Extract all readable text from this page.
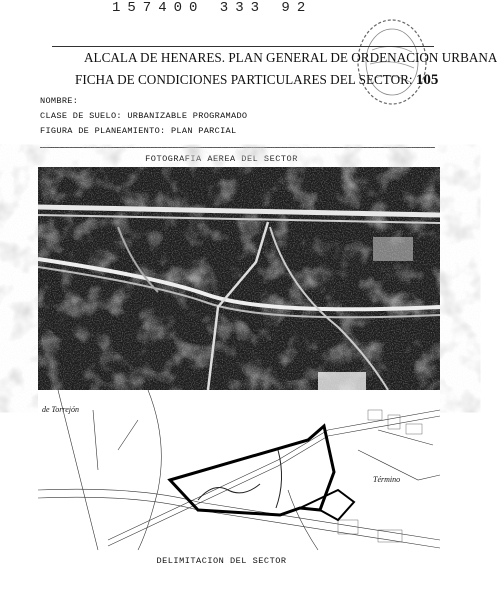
157400 333 92
ALCALA DE HENARES. PLAN GENERAL DE ORDENACION URBANA
FICHA DE CONDICIONES PARTICULARES DEL SECTOR: 105
NOMBRE:
CLASE DE SUELO: URBANIZABLE PROGRAMADO
FIGURA DE PLANEAMIENTO: PLAN PARCIAL
FOTOGRAFIA AEREA DEL SECTOR
de Torrejón
Término
DELIMITACION DEL SECTOR
